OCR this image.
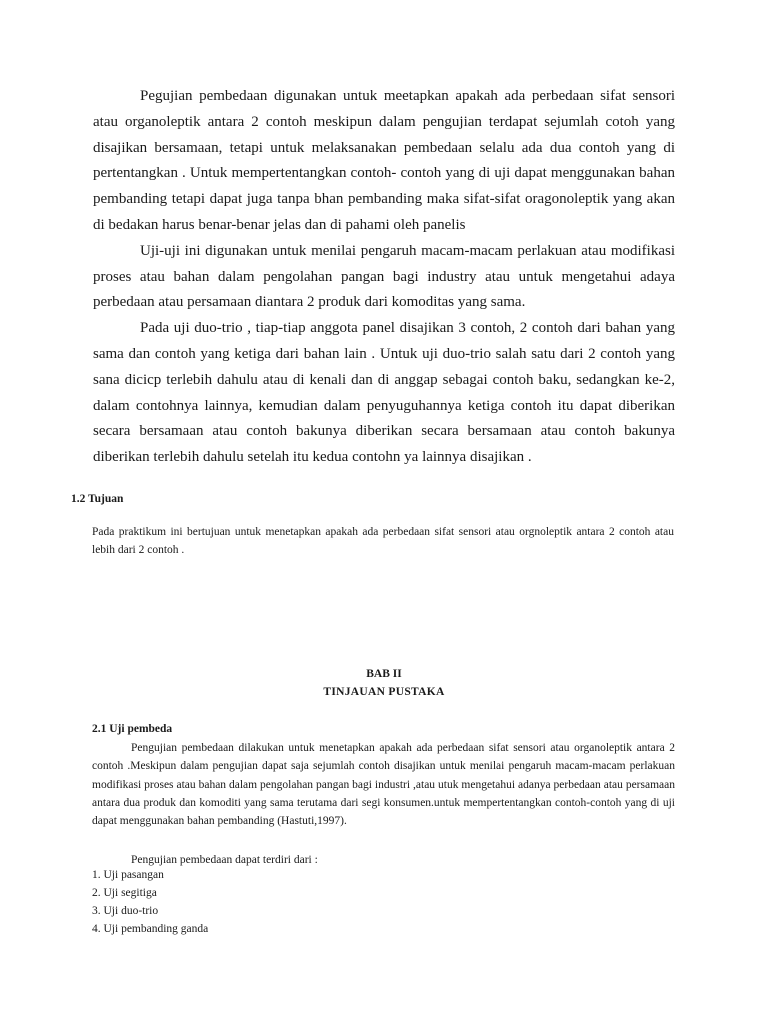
Pegujian pembedaan digunakan untuk meetapkan apakah ada perbedaan sifat sensori atau organoleptik antara 2 contoh meskipun dalam pengujian terdapat sejumlah cotoh yang disajikan bersamaan, tetapi untuk melaksanakan pembedaan selalu ada dua contoh yang di pertentangkan . Untuk mempertentangkan contoh- contoh yang di uji dapat menggunakan bahan pembanding tetapi dapat juga tanpa bhan pembanding maka sifat-sifat oragonoleptik yang akan di bedakan harus benar-benar jelas dan di pahami oleh panelis

Uji-uji ini digunakan untuk menilai pengaruh macam-macam perlakuan atau modifikasi proses atau bahan dalam pengolahan pangan bagi industry atau untuk mengetahui adaya perbedaan atau persamaan diantara 2 produk dari komoditas yang sama.

Pada uji duo-trio , tiap-tiap anggota panel disajikan 3 contoh, 2 contoh dari bahan yang sama dan contoh yang ketiga dari bahan lain . Untuk uji duo-trio salah satu dari 2 contoh yang sana dicicp terlebih dahulu atau di kenali dan di anggap sebagai contoh baku, sedangkan ke-2, dalam contohnya lainnya, kemudian dalam penyuguhannya ketiga contoh itu dapat diberikan secara bersamaan atau contoh bakunya diberikan secara bersamaan atau contoh bakunya diberikan terlebih dahulu setelah itu kedua contohn ya lainnya disajikan .

1.2 Tujuan

Pada praktikum ini bertujuan untuk menetapkan apakah ada perbedaan sifat sensori atau orgnoleptik antara 2 contoh atau lebih dari 2 contoh .

BAB II
TINJAUAN PUSTAKA
2.1 Uji pembeda

Pengujian pembedaan dilakukan untuk menetapkan apakah ada perbedaan sifat sensori atau organoleptik antara 2 contoh .Meskipun dalam pengujian dapat saja sejumlah contoh disajikan untuk menilai pengaruh macam-macam perlakuan modifikasi proses atau bahan dalam pengolahan pangan bagi industri ,atau utuk mengetahui adanya perbedaan atau persamaan antara dua produk dan komoditi yang sama terutama dari segi konsumen.untuk mempertentangkan contoh-contoh yang di uji dapat menggunakan bahan pembanding (Hastuti,1997).

Pengujian pembedaan dapat terdiri dari :

1. Uji pasangan
2. Uji segitiga
3. Uji duo-trio
4. Uji pembanding ganda
